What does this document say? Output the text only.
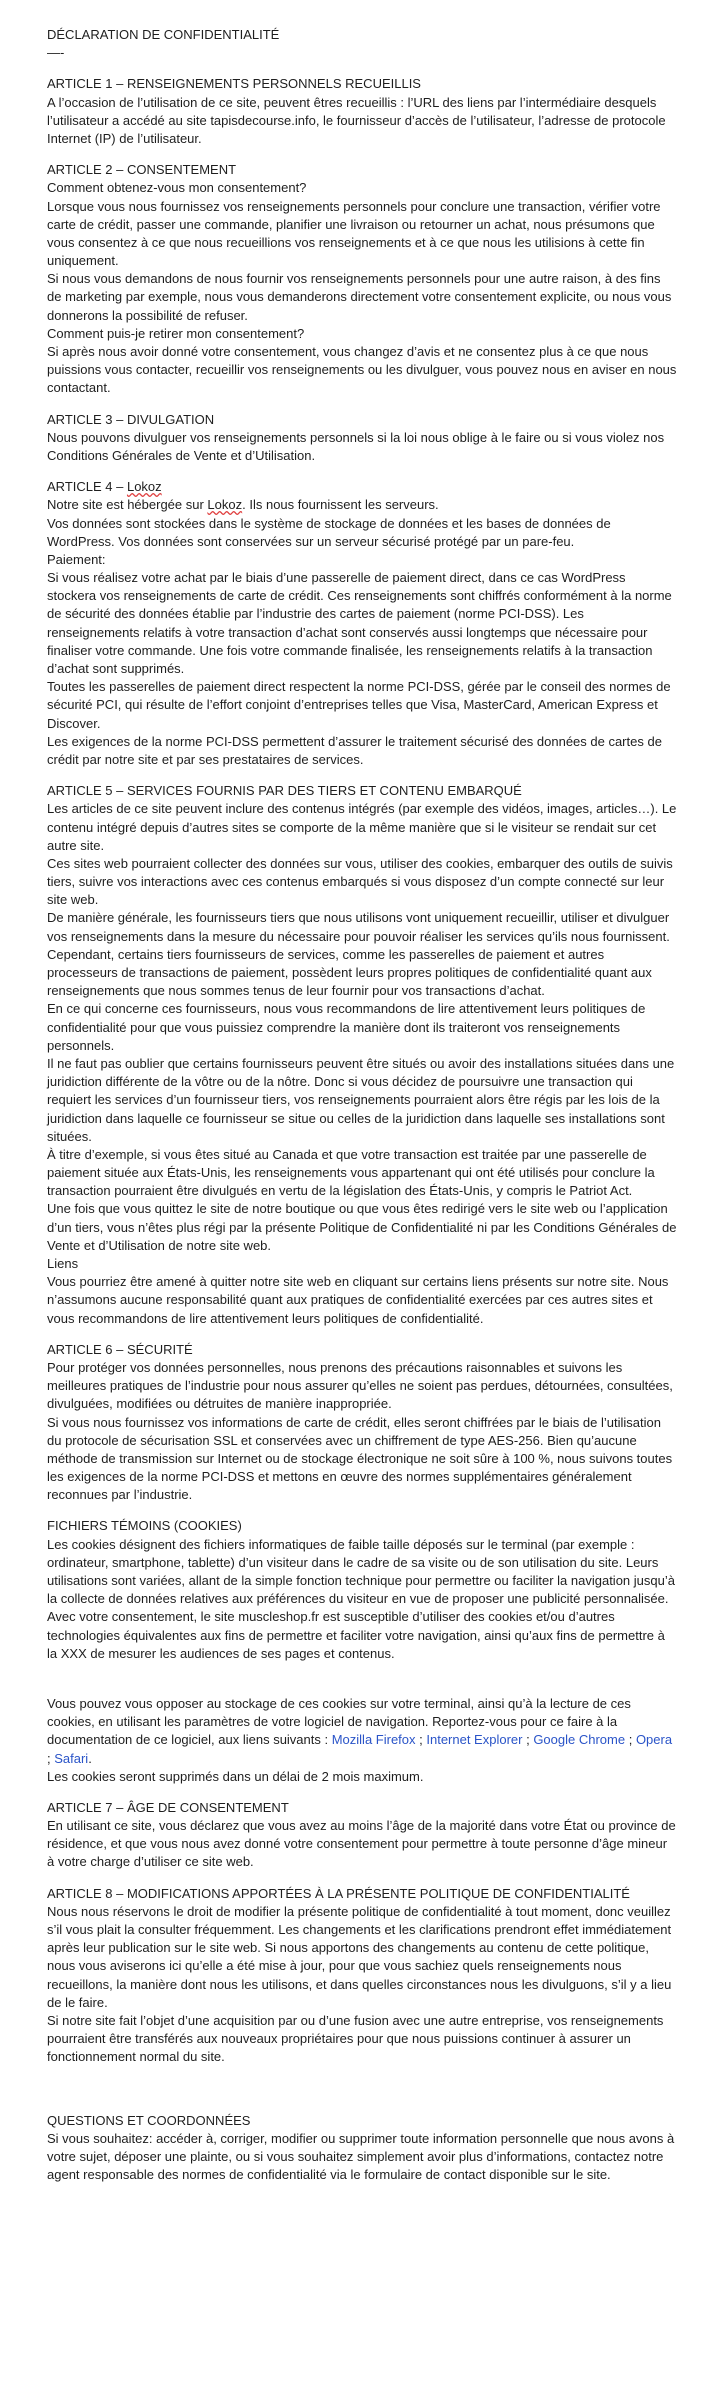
DÉCLARATION DE CONFIDENTIALITÉ

—-

ARTICLE 1 – RENSEIGNEMENTS PERSONNELS RECUEILLIS

A l’occasion de l’utilisation de ce site, peuvent êtres recueillis : l’URL des liens par l’intermédiaire desquels l’utilisateur a accédé au site tapisdecourse.info, le fournisseur d’accès de l’utilisateur, l’adresse de protocole Internet (IP) de l’utilisateur.

ARTICLE 2 – CONSENTEMENT

Comment obtenez-vous mon consentement?

Lorsque vous nous fournissez vos renseignements personnels pour conclure une transaction, vérifier votre carte de crédit, passer une commande, planifier une livraison ou retourner un achat, nous présumons que vous consentez à ce que nous recueillions vos renseignements et à ce que nous les utilisions à cette fin uniquement.

Si nous vous demandons de nous fournir vos renseignements personnels pour une autre raison, à des fins de marketing par exemple, nous vous demanderons directement votre consentement explicite, ou nous vous donnerons la possibilité de refuser.

Comment puis-je retirer mon consentement?

Si après nous avoir donné votre consentement, vous changez d’avis et ne consentez plus à ce que nous puissions vous contacter, recueillir vos renseignements ou les divulguer, vous pouvez nous en aviser en nous contactant.

ARTICLE 3 – DIVULGATION

Nous pouvons divulguer vos renseignements personnels si la loi nous oblige à le faire ou si vous violez nos Conditions Générales de Vente et d’Utilisation.

ARTICLE 4 – Lokoz

Notre site est hébergée sur Lokoz. Ils nous fournissent les serveurs.

Vos données sont stockées dans le système de stockage de données et les bases de données de WordPress. Vos données sont conservées sur un serveur sécurisé protégé par un pare-feu.

Paiement:

Si vous réalisez votre achat par le biais d’une passerelle de paiement direct, dans ce cas WordPress stockera vos renseignements de carte de crédit. Ces renseignements sont chiffrés conformément à la norme de sécurité des données établie par l’industrie des cartes de paiement (norme PCI-DSS). Les renseignements relatifs à votre transaction d’achat sont conservés aussi longtemps que nécessaire pour finaliser votre commande. Une fois votre commande finalisée, les renseignements relatifs à la transaction d’achat sont supprimés.

Toutes les passerelles de paiement direct respectent la norme PCI-DSS, gérée par le conseil des normes de sécurité PCI, qui résulte de l’effort conjoint d’entreprises telles que Visa, MasterCard, American Express et Discover.

Les exigences de la norme PCI-DSS permettent d’assurer le traitement sécurisé des données de cartes de crédit par notre site et par ses prestataires de services.

ARTICLE 5 – SERVICES FOURNIS PAR DES TIERS ET CONTENU EMBARQUÉ

Les articles de ce site peuvent inclure des contenus intégrés (par exemple des vidéos, images, articles…). Le contenu intégré depuis d’autres sites se comporte de la même manière que si le visiteur se rendait sur cet autre site.

Ces sites web pourraient collecter des données sur vous, utiliser des cookies, embarquer des outils de suivis tiers, suivre vos interactions avec ces contenus embarqués si vous disposez d’un compte connecté sur leur site web.

De manière générale, les fournisseurs tiers que nous utilisons vont uniquement recueillir, utiliser et divulguer vos renseignements dans la mesure du nécessaire pour pouvoir réaliser les services qu’ils nous fournissent.

Cependant, certains tiers fournisseurs de services, comme les passerelles de paiement et autres processeurs de transactions de paiement, possèdent leurs propres politiques de confidentialité quant aux renseignements que nous sommes tenus de leur fournir pour vos transactions d’achat.

En ce qui concerne ces fournisseurs, nous vous recommandons de lire attentivement leurs politiques de confidentialité pour que vous puissiez comprendre la manière dont ils traiteront vos renseignements personnels.

Il ne faut pas oublier que certains fournisseurs peuvent être situés ou avoir des installations situées dans une juridiction différente de la vôtre ou de la nôtre. Donc si vous décidez de poursuivre une transaction qui requiert les services d’un fournisseur tiers, vos renseignements pourraient alors être régis par les lois de la juridiction dans laquelle ce fournisseur se situe ou celles de la juridiction dans laquelle ses installations sont situées.

À titre d’exemple, si vous êtes situé au Canada et que votre transaction est traitée par une passerelle de paiement située aux États-Unis, les renseignements vous appartenant qui ont été utilisés pour conclure la transaction pourraient être divulgués en vertu de la législation des États-Unis, y compris le Patriot Act.

Une fois que vous quittez le site de notre boutique ou que vous êtes redirigé vers le site web ou l’application d’un tiers, vous n’êtes plus régi par la présente Politique de Confidentialité ni par les Conditions Générales de Vente et d’Utilisation de notre site web.

Liens

Vous pourriez être amené à quitter notre site web en cliquant sur certains liens présents sur notre site. Nous n’assumons aucune responsabilité quant aux pratiques de confidentialité exercées par ces autres sites et vous recommandons de lire attentivement leurs politiques de confidentialité.

ARTICLE 6 – SÉCURITÉ

Pour protéger vos données personnelles, nous prenons des précautions raisonnables et suivons les meilleures pratiques de l’industrie pour nous assurer qu’elles ne soient pas perdues, détournées, consultées, divulguées, modifiées ou détruites de manière inappropriée.

Si vous nous fournissez vos informations de carte de crédit, elles seront chiffrées par le biais de l’utilisation du protocole de sécurisation SSL et conservées avec un chiffrement de type AES-256. Bien qu’aucune méthode de transmission sur Internet ou de stockage électronique ne soit sûre à 100 %, nous suivons toutes les exigences de la norme PCI-DSS et mettons en œuvre des normes supplémentaires généralement reconnues par l’industrie.

FICHIERS TÉMOINS (COOKIES)

Les cookies désignent des fichiers informatiques de faible taille déposés sur le terminal (par exemple : ordinateur, smartphone, tablette) d’un visiteur dans le cadre de sa visite ou de son utilisation du site. Leurs utilisations sont variées, allant de la simple fonction technique pour permettre ou faciliter la navigation jusqu’à la collecte de données relatives aux préférences du visiteur en vue de proposer une publicité personnalisée.

Avec votre consentement, le site muscleshop.fr est susceptible d’utiliser des cookies et/ou d’autres technologies équivalentes aux fins de permettre et faciliter votre navigation, ainsi qu’aux fins de permettre à la XXX de mesurer les audiences de ses pages et contenus.

Vous pouvez vous opposer au stockage de ces cookies sur votre terminal, ainsi qu’à la lecture de ces cookies, en utilisant les paramètres de votre logiciel de navigation. Reportez-vous pour ce faire à la documentation de ce logiciel, aux liens suivants : Mozilla Firefox ; Internet Explorer ; Google Chrome ; Opera ; Safari.

Les cookies seront supprimés dans un délai de 2 mois maximum.

ARTICLE 7 – ÂGE DE CONSENTEMENT

En utilisant ce site, vous déclarez que vous avez au moins l’âge de la majorité dans votre État ou province de résidence, et que vous nous avez donné votre consentement pour permettre à toute personne d’âge mineur à votre charge d’utiliser ce site web.

ARTICLE 8 – MODIFICATIONS APPORTÉES À LA PRÉSENTE POLITIQUE DE CONFIDENTIALITÉ

Nous nous réservons le droit de modifier la présente politique de confidentialité à tout moment, donc veuillez s’il vous plait la consulter fréquemment. Les changements et les clarifications prendront effet immédiatement après leur publication sur le site web. Si nous apportons des changements au contenu de cette politique, nous vous aviserons ici qu’elle a été mise à jour, pour que vous sachiez quels renseignements nous recueillons, la manière dont nous les utilisons, et dans quelles circonstances nous les divulguons, s’il y a lieu de le faire.

Si notre site fait l’objet d’une acquisition par ou d’une fusion avec une autre entreprise, vos renseignements pourraient être transférés aux nouveaux propriétaires pour que nous puissions continuer à assurer un fonctionnement normal du site.

QUESTIONS ET COORDONNÉES

Si vous souhaitez: accéder à, corriger, modifier ou supprimer toute information personnelle que nous avons à votre sujet, déposer une plainte, ou si vous souhaitez simplement avoir plus d’informations, contactez notre agent responsable des normes de confidentialité via le formulaire de contact disponible sur le site.
